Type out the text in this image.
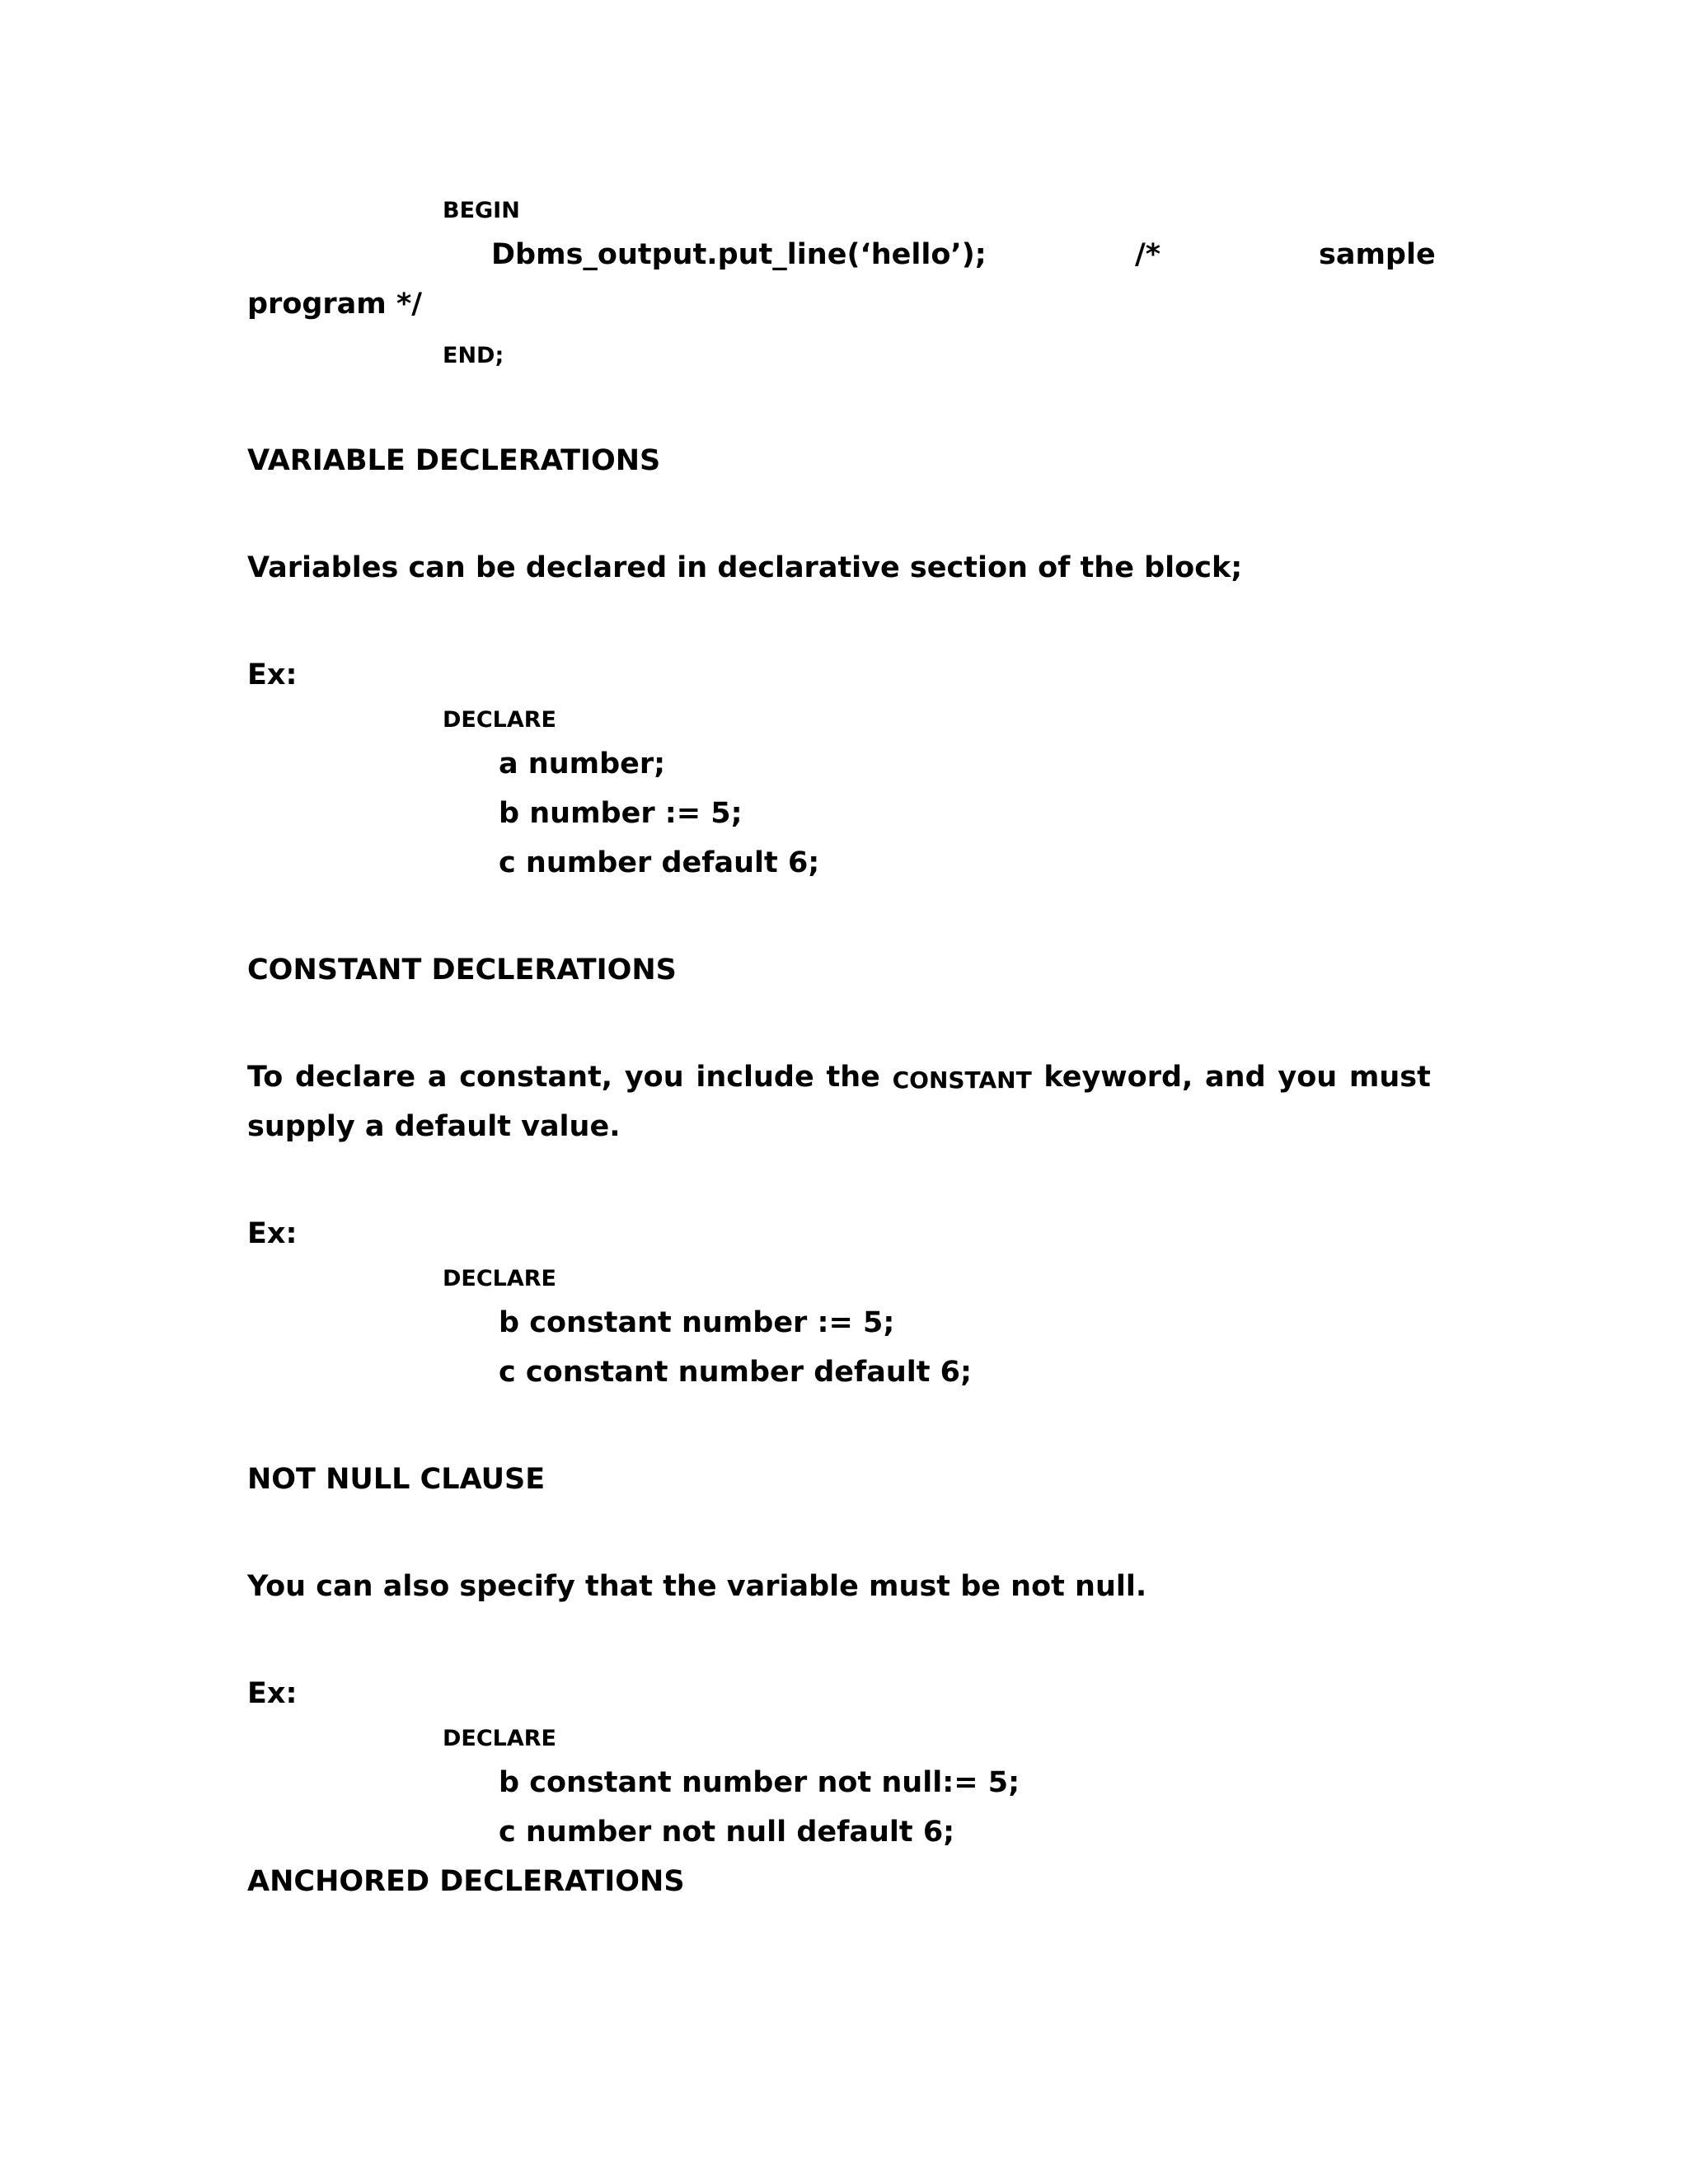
BEGIN
Dbms_output.put_line(‘hello’);	/*	sample
program */
END;
VARIABLE DECLERATIONS
Variables can be declared in declarative section of the block;
Ex:
DECLARE
a number;
b number := 5;
c number default 6;
CONSTANT DECLERATIONS
To declare a constant, you include the CONSTANT keyword, and you must
supply a default value.
Ex:
DECLARE
b constant number := 5;
c constant number default 6;
NOT NULL CLAUSE
You can also specify that the variable must be not null.
Ex:
DECLARE
b constant number not null:= 5;
c number not null default 6;
ANCHORED DECLERATIONS
